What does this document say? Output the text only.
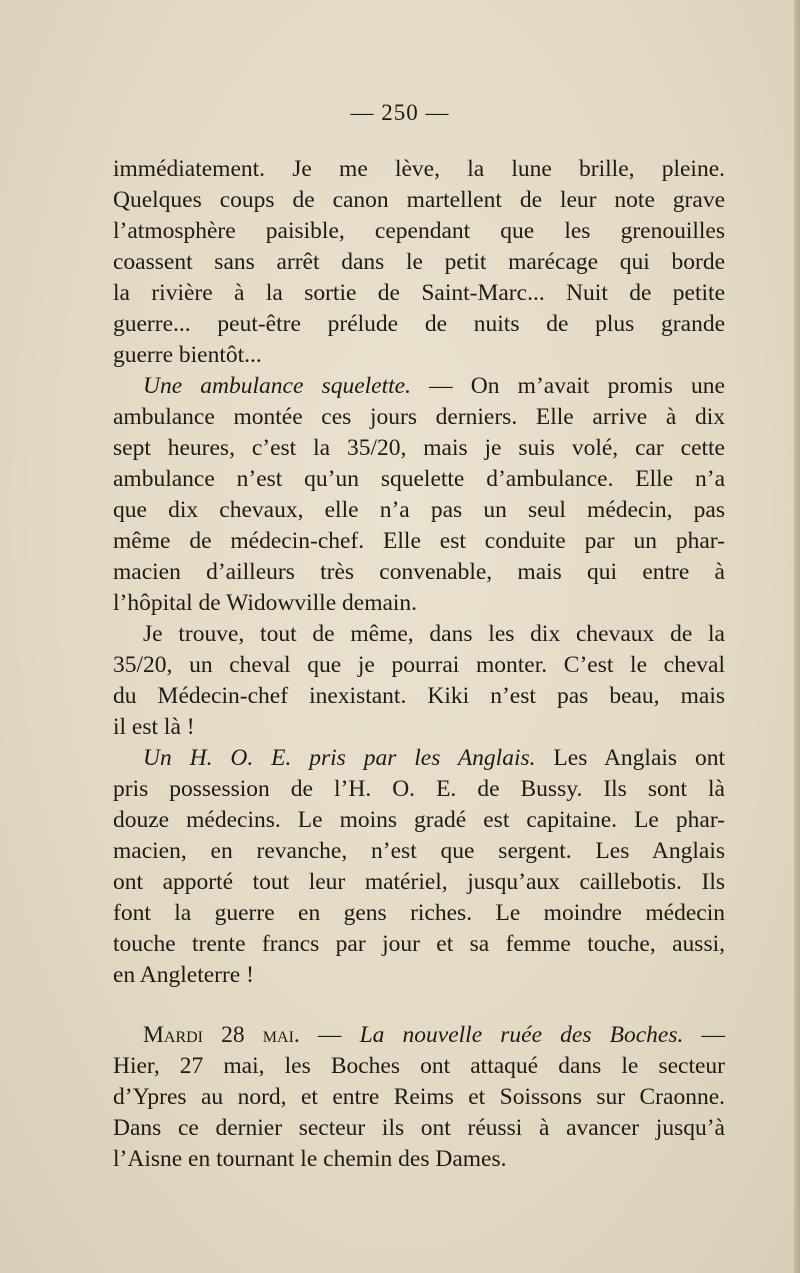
— 250 —
immédiatement. Je me lève, la lune brille, pleine.
Quelques coups de canon martellent de leur note grave
l’atmosphère paisible, cependant que les grenouilles
coassent sans arrêt dans le petit marécage qui borde
la rivière à la sortie de Saint-Marc... Nuit de petite
guerre... peut-être prélude de nuits de plus grande
guerre bientôt...
Une ambulance squelette. — On m’avait promis une
ambulance montée ces jours derniers. Elle arrive à dix
sept heures, c’est la 35/20, mais je suis volé, car cette
ambulance n’est qu’un squelette d’ambulance. Elle n’a
que dix chevaux, elle n’a pas un seul médecin, pas
même de médecin-chef. Elle est conduite par un phar-
macien d’ailleurs très convenable, mais qui entre à
l’hôpital de Widowville demain.
Je trouve, tout de même, dans les dix chevaux de la
35/20, un cheval que je pourrai monter. C’est le cheval
du Médecin-chef inexistant. Kiki n’est pas beau, mais
il est là !
Un H. O. E. pris par les Anglais. Les Anglais ont
pris possession de l’H. O. E. de Bussy. Ils sont là
douze médecins. Le moins gradé est capitaine. Le phar-
macien, en revanche, n’est que sergent. Les Anglais
ont apporté tout leur matériel, jusqu’aux caillebotis. Ils
font la guerre en gens riches. Le moindre médecin
touche trente francs par jour et sa femme touche, aussi,
en Angleterre !
Mardi 28 mai. — La nouvelle ruée des Boches. —
Hier, 27 mai, les Boches ont attaqué dans le secteur
d’Ypres au nord, et entre Reims et Soissons sur Craonne.
Dans ce dernier secteur ils ont réussi à avancer jusqu’à
l’Aisne en tournant le chemin des Dames.
